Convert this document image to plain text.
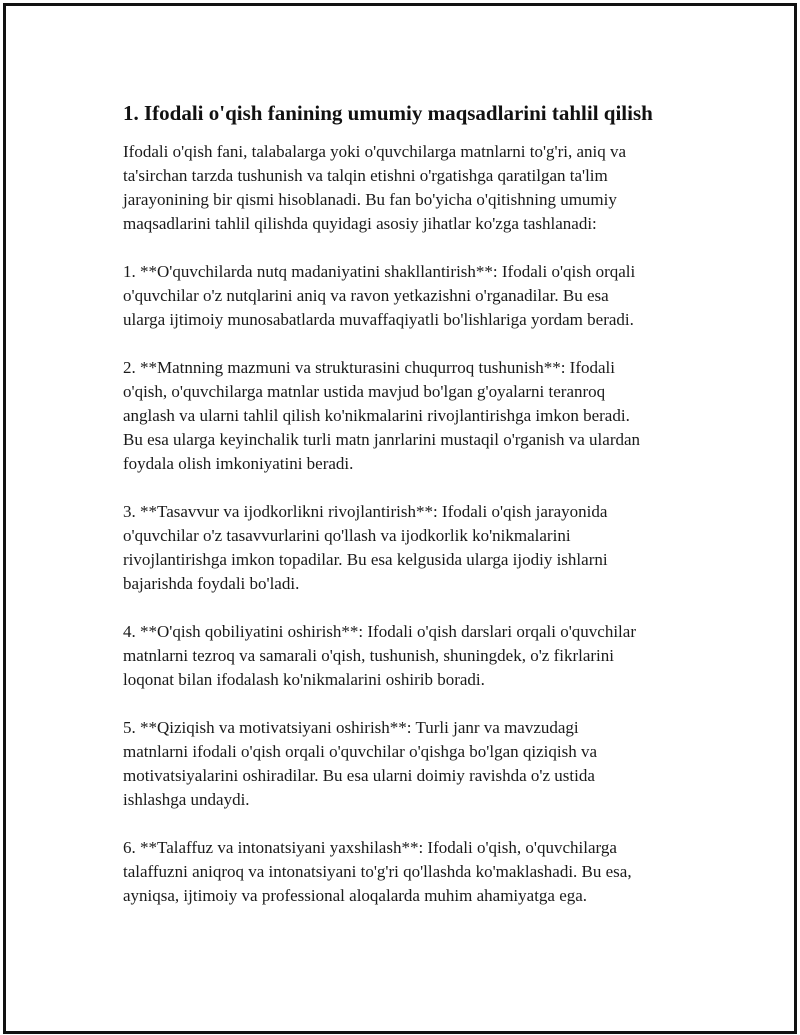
1. Ifodali o'qish fanining umumiy maqsadlarini tahlil qilish
Ifodali o'qish fani, talabalarga yoki o'quvchilarga matnlarni to'g'ri, aniq va
ta'sirchan tarzda tushunish va talqin etishni o'rgatishga qaratilgan ta'lim
jarayonining bir qismi hisoblanadi. Bu fan bo'yicha o'qitishning umumiy
maqsadlarini tahlil qilishda quyidagi asosiy jihatlar ko'zga tashlanadi:
1. **O'quvchilarda nutq madaniyatini shakllantirish**: Ifodali o'qish orqali
o'quvchilar o'z nutqlarini aniq va ravon yetkazishni o'rganadilar. Bu esa
ularga ijtimoiy munosabatlarda muvaffaqiyatli bo'lishlariga yordam beradi.
2. **Matnning mazmuni va strukturasini chuqurroq tushunish**: Ifodali
o'qish, o'quvchilarga matnlar ustida mavjud bo'lgan g'oyalarni teranroq
anglash va ularni tahlil qilish ko'nikmalarini rivojlantirishga imkon beradi.
Bu esa ularga keyinchalik turli matn janrlarini mustaqil o'rganish va ulardan
foydala olish imkoniyatini beradi.
3. **Tasavvur va ijodkorlikni rivojlantirish**: Ifodali o'qish jarayonida
o'quvchilar o'z tasavvurlarini qo'llash va ijodkorlik ko'nikmalarini
rivojlantirishga imkon topadilar. Bu esa kelgusida ularga ijodiy ishlarni
bajarishda foydali bo'ladi.
4. **O'qish qobiliyatini oshirish**: Ifodali o'qish darslari orqali o'quvchilar
matnlarni tezroq va samarali o'qish, tushunish, shuningdek, o'z fikrlarini
loqonat bilan ifodalash ko'nikmalarini oshirib boradi.
5. **Qiziqish va motivatsiyani oshirish**: Turli janr va mavzudagi
matnlarni ifodali o'qish orqali o'quvchilar o'qishga bo'lgan qiziqish va
motivatsiyalarini oshiradilar. Bu esa ularni doimiy ravishda o'z ustida
ishlashga undaydi.
6. **Talaffuz va intonatsiyani yaxshilash**: Ifodali o'qish, o'quvchilarga
talaffuzni aniqroq va intonatsiyani to'g'ri qo'llashda ko'maklashadi. Bu esa,
ayniqsa, ijtimoiy va professional aloqalarda muhim ahamiyatga ega.
